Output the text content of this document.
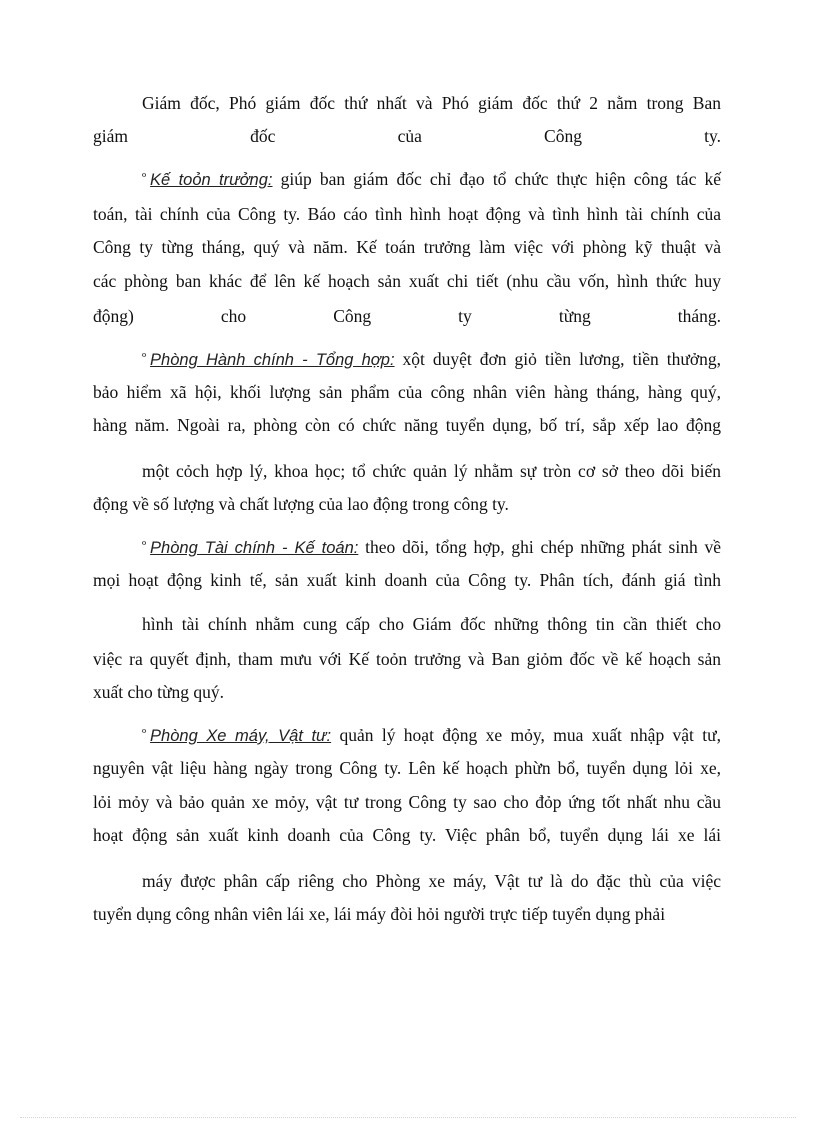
Giám đốc, Phó giám đốc thứ nhất và Phó giám đốc thứ 2 nằm trong Ban
giám đốc của Công ty.
º Kế toỏn trưởng: giúp ban giám đốc chỉ đạo tổ chức thực hiện công tác kế
toán, tài chính của Công ty. Báo cáo tình hình hoạt động và tình hình tài chính của
Công ty từng tháng, quý và năm. Kế toán trưởng làm việc với phòng kỹ thuật và
các phòng ban khác để lên kế hoạch sản xuất chi tiết (nhu cầu vốn, hình thức huy
động) cho Công ty từng tháng.
º Phòng Hành chính - Tổng hợp: xột duyệt đơn giỏ tiền lương, tiền thưởng,
bảo hiểm xã hội, khối lượng sản phẩm của công nhân viên hàng tháng, hàng quý,
hàng năm. Ngoài ra, phòng còn có chức năng tuyển dụng, bố trí, sắp xếp lao động
một cỏch hợp lý, khoa học; tổ chức quản lý nhằm sự tròn cơ sở theo dõi biến
động về số lượng và chất lượng của lao động trong công ty.
º Phòng Tài chính - Kế toán: theo dõi, tổng hợp, ghi chép những phát sinh về
mọi hoạt động kinh tế, sản xuất kinh doanh của Công ty. Phân tích, đánh giá tình
hình tài chính nhằm cung cấp cho Giám đốc những thông tin cần thiết cho
việc ra quyết định, tham mưu với Kế toỏn trưởng và Ban giỏm đốc về kế hoạch sản
xuất cho từng quý.
º Phòng Xe máy, Vật tư: quản lý hoạt động xe mỏy, mua xuất nhập vật tư,
nguyên vật liệu hàng ngày trong Công ty. Lên kế hoạch phừn bổ, tuyển dụng lỏi xe,
lỏi mỏy và bảo quản xe mỏy, vật tư trong Công ty sao cho đỏp ứng tốt nhất nhu cầu
hoạt động sản xuất kinh doanh của Công ty. Việc phân bổ, tuyển dụng lái xe lái
máy được phân cấp riêng cho Phòng xe máy, Vật tư là do đặc thù của việc
tuyển dụng công nhân viên lái xe, lái máy đòi hỏi người trực tiếp tuyển dụng phải
